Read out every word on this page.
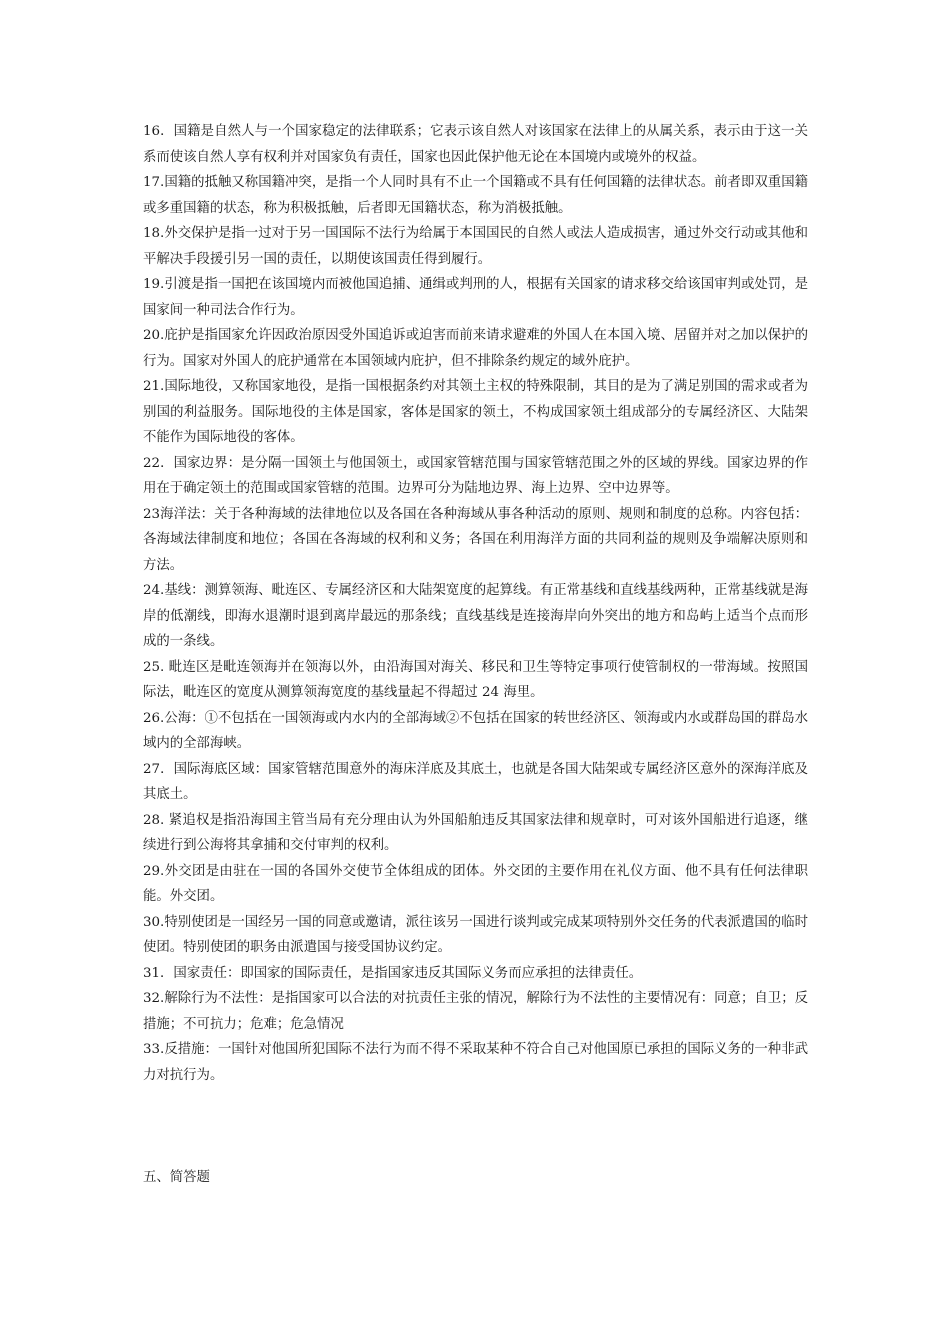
16．国籍是自然人与一个国家稳定的法律联系；它表示该自然人对该国家在法律上的从属关系，表示由于这一关系而使该自然人享有权利并对国家负有责任，国家也因此保护他无论在本国境内或境外的权益。

17.国籍的抵触又称国籍冲突，是指一个人同时具有不止一个国籍或不具有任何国籍的法律状态。前者即双重国籍或多重国籍的状态，称为积极抵触，后者即无国籍状态，称为消极抵触。

18.外交保护是指一过对于另一国国际不法行为给属于本国国民的自然人或法人造成损害，通过外交行动或其他和平解决手段援引另一国的责任，以期使该国责任得到履行。

19.引渡是指一国把在该国境内而被他国追捕、通缉或判刑的人，根据有关国家的请求移交给该国审判或处罚，是国家间一种司法合作行为。

20.庇护是指国家允许因政治原因受外国追诉或迫害而前来请求避难的外国人在本国入境、居留并对之加以保护的行为。国家对外国人的庇护通常在本国领域内庇护，但不排除条约规定的域外庇护。

21.国际地役，又称国家地役，是指一国根据条约对其领土主权的特殊限制，其目的是为了满足别国的需求或者为别国的利益服务。国际地役的主体是国家，客体是国家的领土，不构成国家领土组成部分的专属经济区、大陆架不能作为国际地役的客体。

22．国家边界：是分隔一国领土与他国领土，或国家管辖范围与国家管辖范围之外的区域的界线。国家边界的作用在于确定领土的范围或国家管辖的范围。边界可分为陆地边界、海上边界、空中边界等。

23海洋法：关于各种海域的法律地位以及各国在各种海域从事各种活动的原则、规则和制度的总称。内容包括：各海域法律制度和地位；各国在各海域的权利和义务；各国在利用海洋方面的共同利益的规则及争端解决原则和方法。

24.基线：测算领海、毗连区、专属经济区和大陆架宽度的起算线。有正常基线和直线基线两种，正常基线就是海岸的低潮线，即海水退潮时退到离岸最远的那条线；直线基线是连接海岸向外突出的地方和岛屿上适当个点而形成的一条线。

25. 毗连区是毗连领海并在领海以外，由沿海国对海关、移民和卫生等特定事项行使管制权的一带海域。按照国际法，毗连区的宽度从测算领海宽度的基线量起不得超过 24 海里。

26.公海：①不包括在一国领海或内水内的全部海域②不包括在国家的转世经济区、领海或内水或群岛国的群岛水域内的全部海峡。

27．国际海底区域：国家管辖范围意外的海床洋底及其底土，也就是各国大陆架或专属经济区意外的深海洋底及其底土。

28. 紧追权是指沿海国主管当局有充分理由认为外国船舶违反其国家法律和规章时，可对该外国船进行追逐，继续进行到公海将其拿捕和交付审判的权利。

29.外交团是由驻在一国的各国外交使节全体组成的团体。外交团的主要作用在礼仪方面、他不具有任何法律职能。外交团。

30.特别使团是一国经另一国的同意或邀请，派往该另一国进行谈判或完成某项特别外交任务的代表派遣国的临时使团。特别使团的职务由派遣国与接受国协议约定。

31．国家责任：即国家的国际责任，是指国家违反其国际义务而应承担的法律责任。

32.解除行为不法性：是指国家可以合法的对抗责任主张的情况，解除行为不法性的主要情况有：同意；自卫；反措施；不可抗力；危难；危急情况

33.反措施：一国针对他国所犯国际不法行为而不得不采取某种不符合自己对他国原已承担的国际义务的一种非武力对抗行为。

五、简答题
